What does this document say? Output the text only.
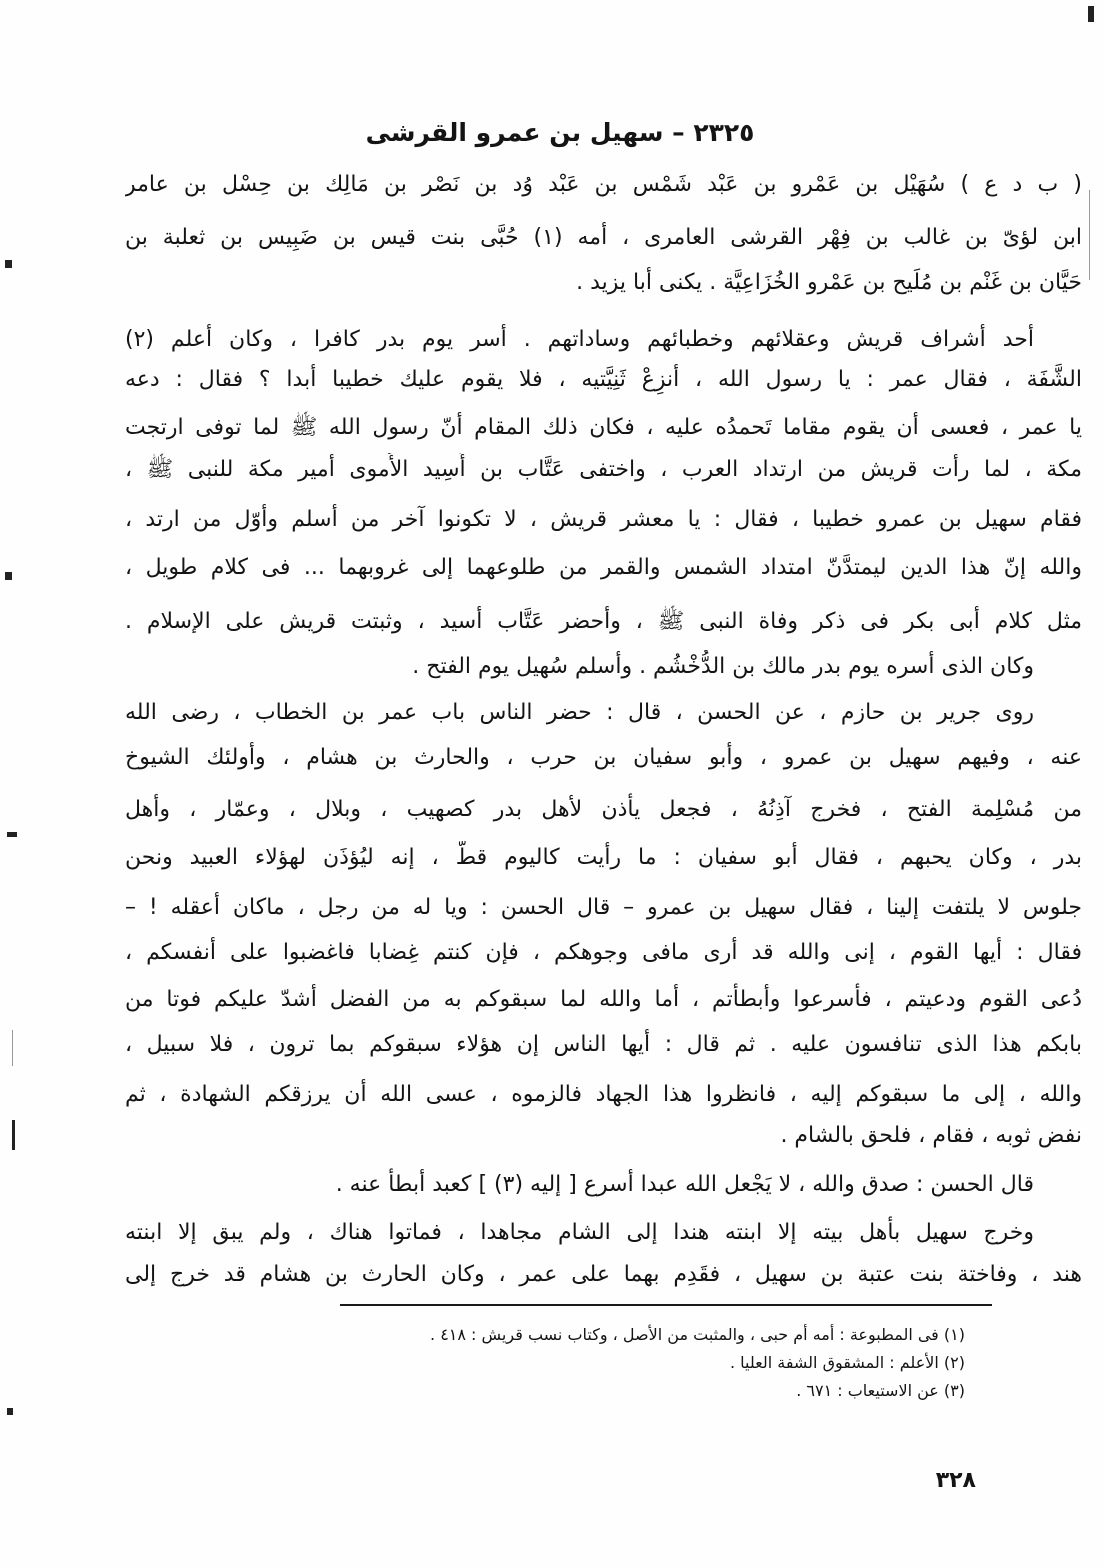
٢٣٢٥ – سهيل بن عمرو القرشى
( ب د ع ) سُهَيْل بن عَمْرو بن عَبْد شَمْس بن عَبْد وُد بن نَصْر بن مَالِك بن حِسْل بن عامر
ابن لؤىّ بن غالب بن فِهْر القرشى العامرى ، أمه (١) حُبَّى بنت قيس بن ضَبِيس بن ثعلبة بن
حَيَّان بن غَنْم بن مُلَيح بن عَمْرو الخُزَاعِيَّة . يكنى أبا يزيد .
أحد أشراف قريش وعقلائهم وخطبائهم وساداتهم . أسر يوم بدر كافرا ، وكان أعلم (٢)
الشَّفَة ، فقال عمر : يا رسول الله ، أنزِعْ ثَنِيَّتيه ، فلا يقوم عليك خطيبا أبدا ؟ فقال : دعه
يا عمر ، فعسى أن يقوم مقاما تَحمدُه عليه ، فكان ذلك المقام أنّ رسول الله ﷺ لما توفى ارتجت
مكة ، لما رأت قريش من ارتداد العرب ، واختفى عَتَّاب بن أَسِيد الأُموى أمير مكة للنبى ﷺ ،
فقام سهيل بن عمرو خطيبا ، فقال : يا معشر قريش ، لا تكونوا آخر من أسلم وأوّل من ارتد ،
والله إنّ هذا الدين ليمتدَّنّ امتداد الشمس والقمر من طلوعهما إلى غروبهما ... فى كلام طويل ،
مثل كلام أبى بكر فى ذكر وفاة النبى ﷺ ، وأحضر عَتَّاب أسيد ، وثبتت قريش على الإسلام .
وكان الذى أسره يوم بدر مالك بن الدُّخْشُم . وأسلم سُهيل يوم الفتح .
روى جرير بن حازم ، عن الحسن ، قال : حضر الناس باب عمر بن الخطاب ، رضى الله
عنه ، وفيهم سهيل بن عمرو ، وأبو سفيان بن حرب ، والحارث بن هشام ، وأولئك الشيوخ
من مُسْلِمة الفتح ، فخرج آذِنُهُ ، فجعل يأذن لأهل بدر كصهيب ، وبلال ، وعمّار ، وأهل
بدر ، وكان يحبهم ، فقال أبو سفيان : ما رأيت كاليوم قطُّ ، إنه ليُؤذَن لهؤلاء العبيد ونحن
جلوس لا يلتفت إلينا ، فقال سهيل بن عمرو – قال الحسن : ويا له من رجل ، ماكان أعقله ! –
فقال : أيها القوم ، إنى والله قد أرى مافى وجوهكم ، فإن كنتم غِضابا فاغضبوا على أنفسكم ،
دُعى القوم ودعيتم ، فأسرعوا وأبطأتم ، أما والله لما سبقوكم به من الفضل أشدّ عليكم فوتا من
بابكم هذا الذى تنافسون عليه . ثم قال : أيها الناس إن هؤلاء سبقوكم بما ترون ، فلا سبيل ،
والله ، إلى ما سبقوكم إليه ، فانظروا هذا الجهاد فالزموه ، عسى الله أن يرزقكم الشهادة ، ثم
نفض ثوبه ، فقام ، فلحق بالشام .
قال الحسن : صدق والله ، لا يَجْعل الله عبدا أسرع [ إليه (٣) ] كعبد أبطأ عنه .
وخرج سهيل بأهل بيته إلا ابنته هندا إلى الشام مجاهدا ، فماتوا هناك ، ولم يبق إلا ابنته
هند ، وفاختة بنت عتبة بن سهيل ، فقَدِم بهما على عمر ، وكان الحارث بن هشام قد خرج إلى
(١) فى المطبوعة : أمه أم حبى ، والمثبت من الأصل ، وكتاب نسب قريش : ٤١٨ .
(٢) الأعلم : المشقوق الشفة العليا .
(٣) عن الاستيعاب : ٦٧١ .
٣٢٨
